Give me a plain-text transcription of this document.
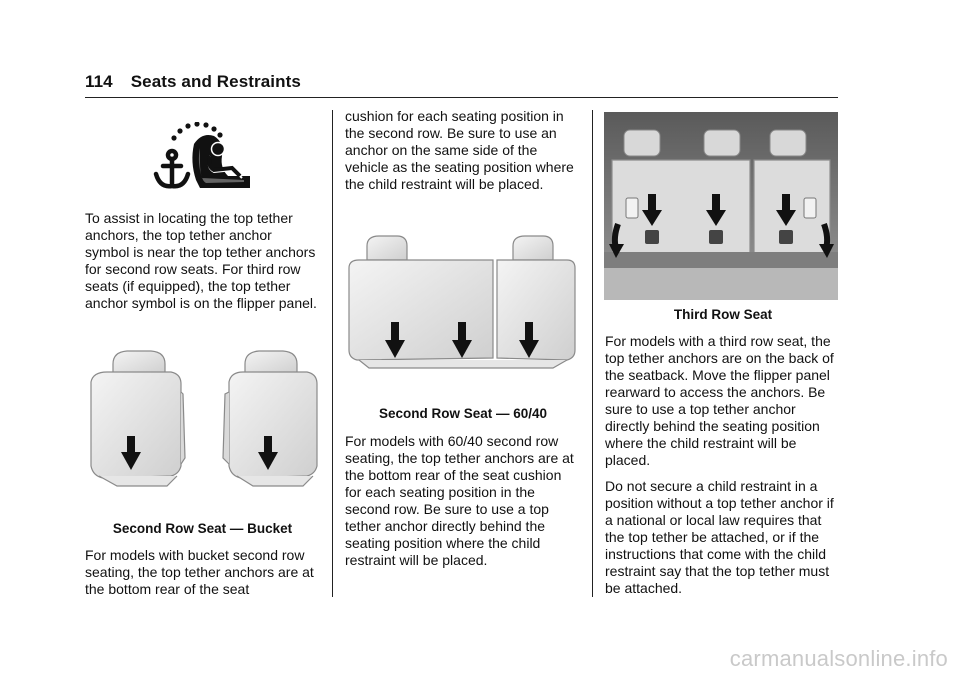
114 Seats and Restraints

To assist in locating the top tether anchors, the top tether anchor symbol is near the top tether anchors for second row seats. For third row seats (if equipped), the top tether anchor symbol is on the flipper panel.

Second Row Seat — Bucket

For models with bucket second row seating, the top tether anchors are at the bottom rear of the seat

cushion for each seating position in the second row. Be sure to use an anchor on the same side of the vehicle as the seating position where the child restraint will be placed.

Second Row Seat — 60/40

For models with 60/40 second row seating, the top tether anchors are at the bottom rear of the seat cushion for each seating position in the second row. Be sure to use a top tether anchor directly behind the seating position where the child restraint will be placed.

Third Row Seat

For models with a third row seat, the top tether anchors are on the back of the seatback. Move the flipper panel rearward to access the anchors. Be sure to use a top tether anchor directly behind the seating position where the child restraint will be placed.

Do not secure a child restraint in a position without a top tether anchor if a national or local law requires that the top tether be attached, or if the instructions that come with the child restraint say that the top tether must be attached.

carmanualsonline.info
